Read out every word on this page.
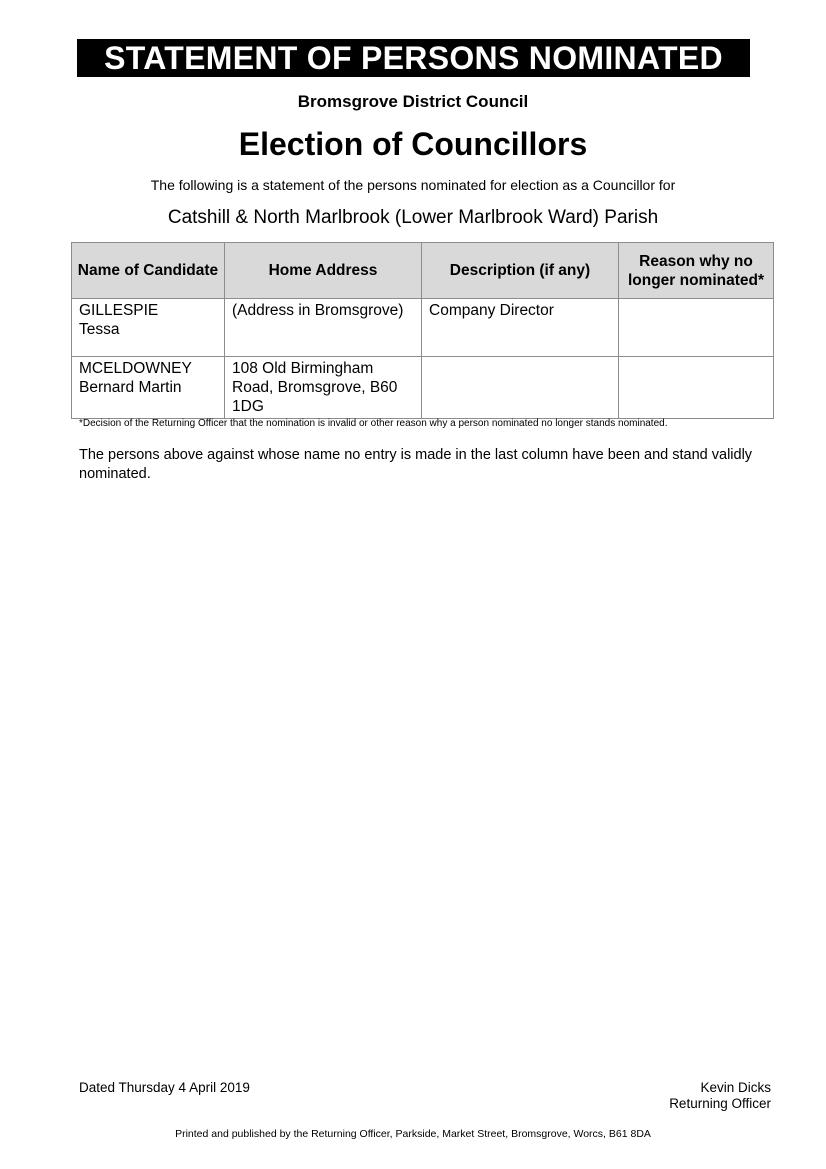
STATEMENT OF PERSONS NOMINATED
Bromsgrove District Council
Election of Councillors
The following is a statement of the persons nominated for election as a Councillor for
Catshill & North Marlbrook (Lower Marlbrook Ward) Parish
Name of Candidate	Home Address	Description (if any)	Reason why no longer nominated*

GILLESPIE
Tessa	(Address in Bromsgrove)	Company Director	

MCELDOWNEY
Bernard Martin	108 Old Birmingham Road, Bromsgrove, B60 1DG		
*Decision of the Returning Officer that the nomination is invalid or other reason why a person nominated no longer stands nominated.
The persons above against whose name no entry is made in the last column have been and stand validly nominated.
Dated Thursday 4 April 2019	Kevin Dicks
Returning Officer
Printed and published by the Returning Officer, Parkside, Market Street, Bromsgrove, Worcs, B61 8DA
